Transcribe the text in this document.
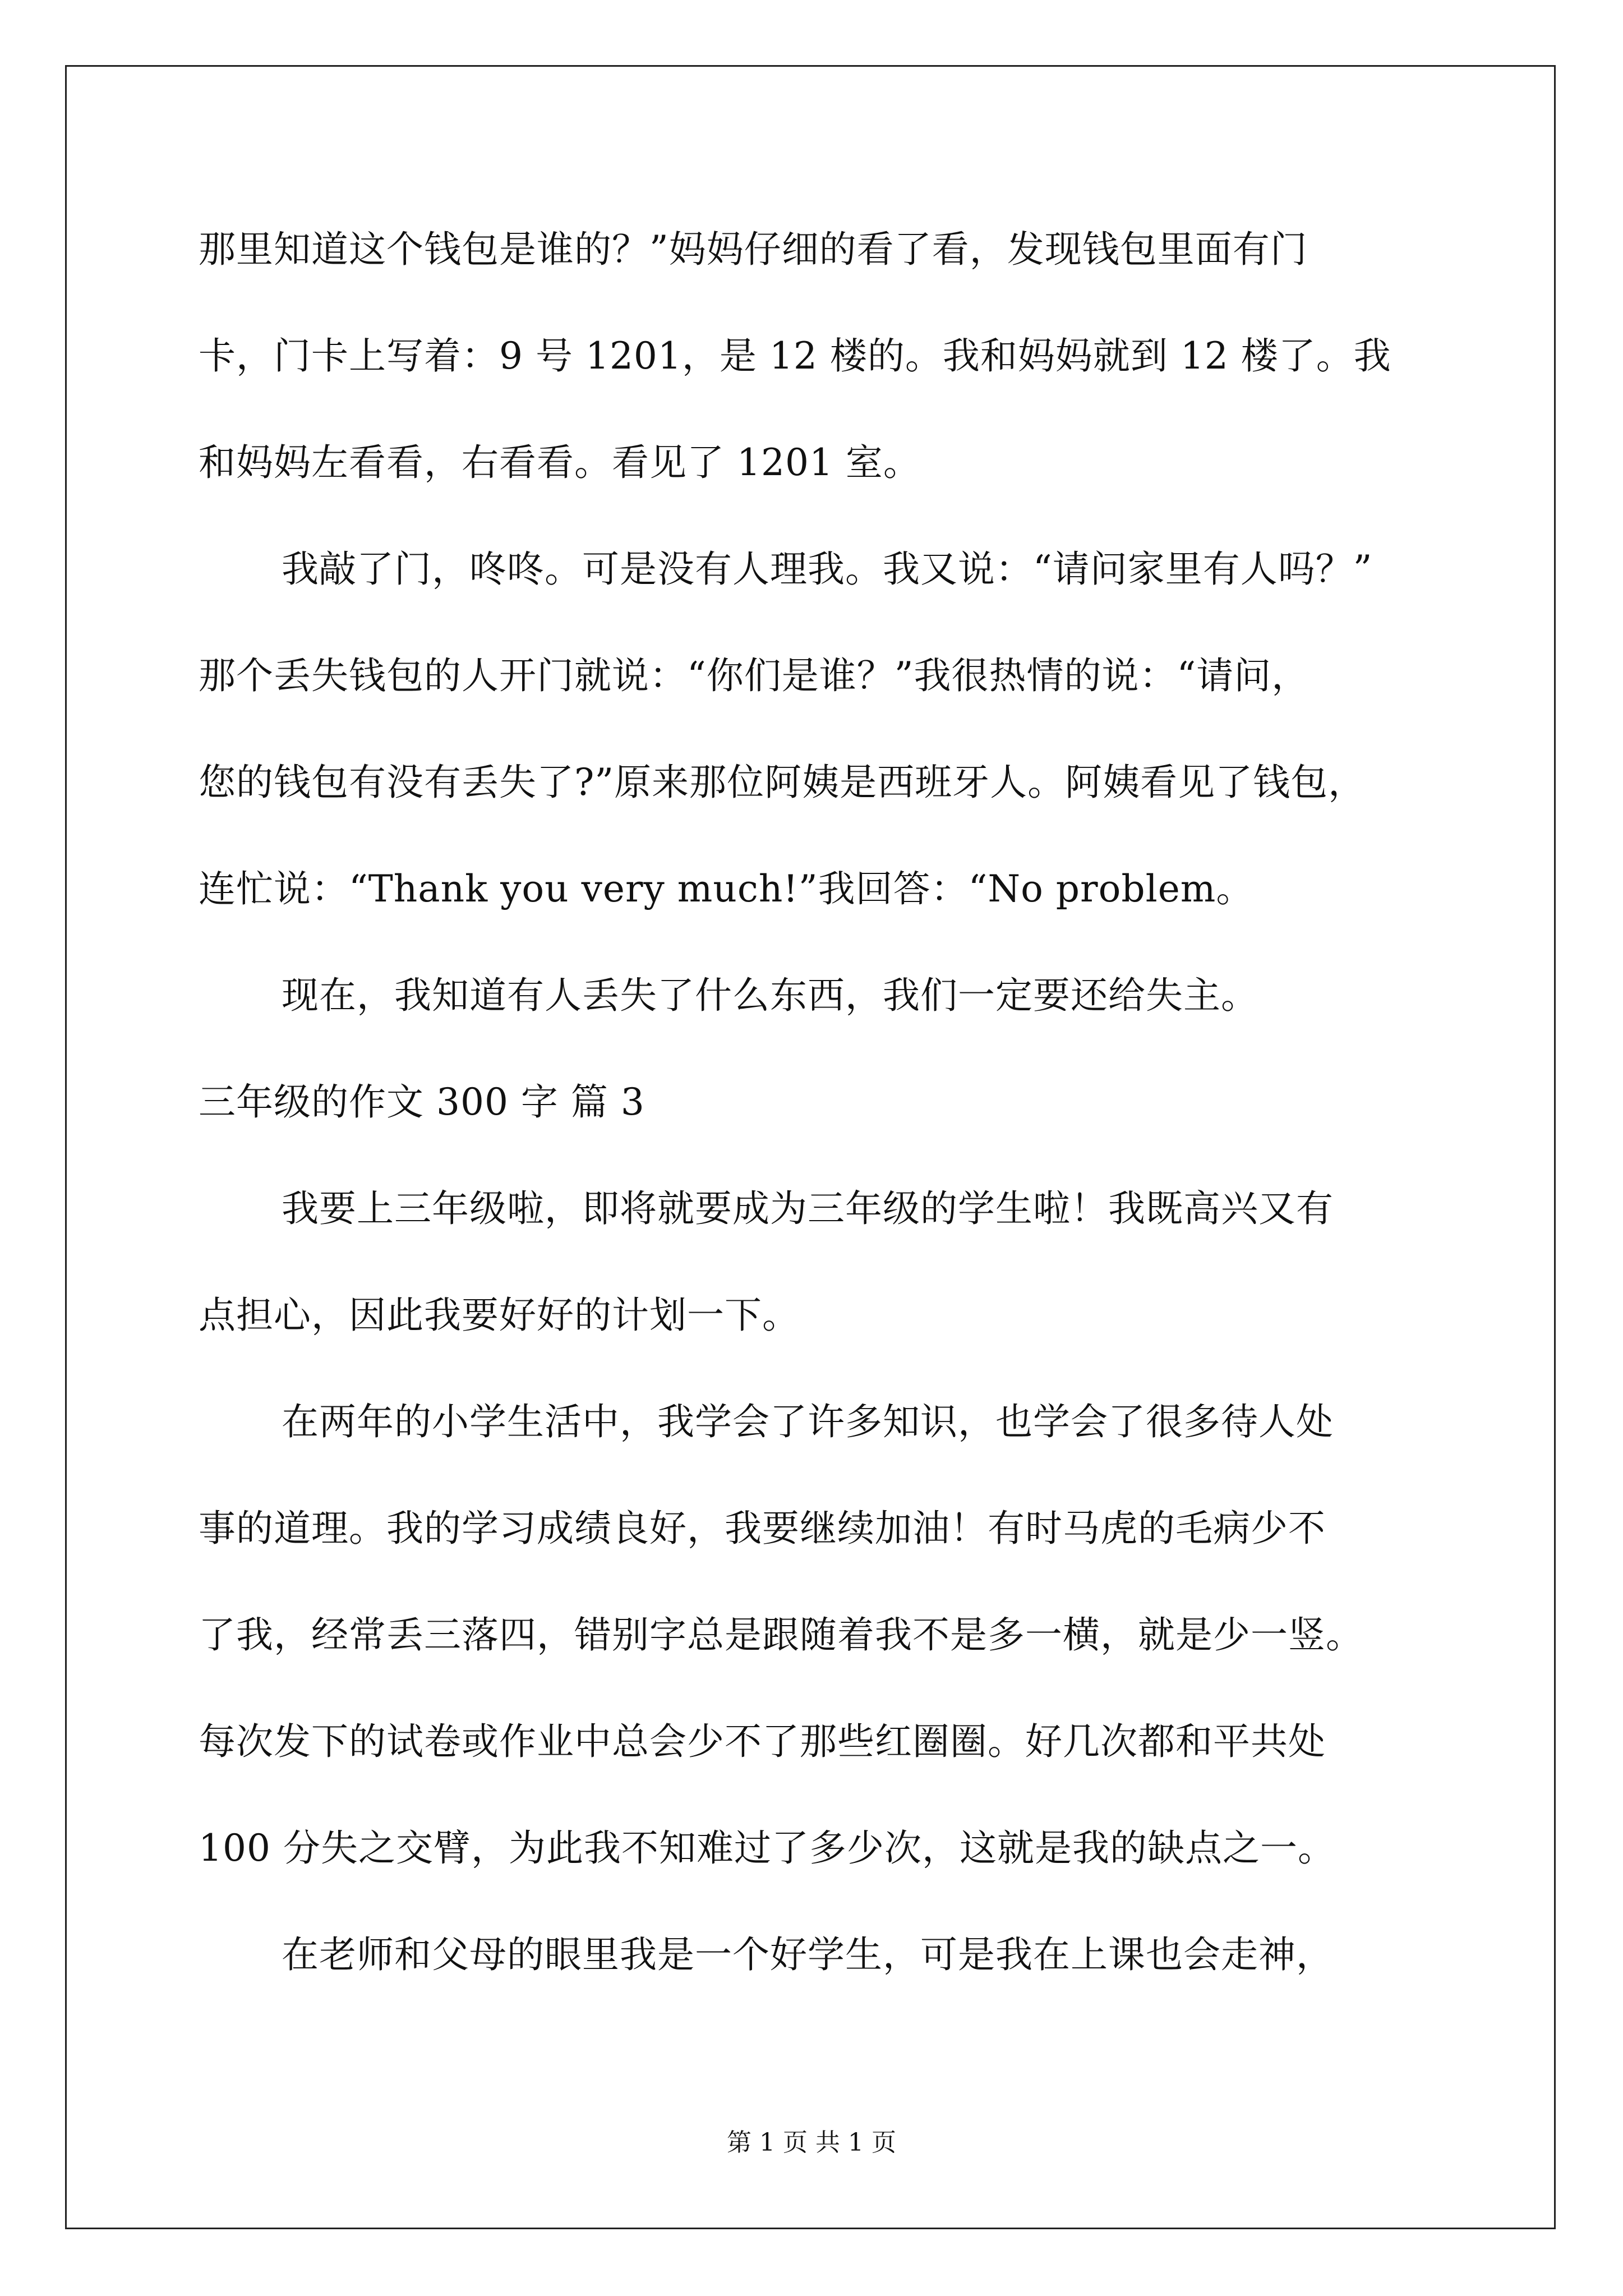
那里知道这个钱包是谁的？”妈妈仔细的看了看，发现钱包里面有门
卡，门卡上写着：9 号 1201，是 12 楼的。我和妈妈就到 12 楼了。我
和妈妈左看看，右看看。看见了 1201 室。
我敲了门，咚咚。可是没有人理我。我又说：“请问家里有人吗？”
那个丢失钱包的人开门就说：“你们是谁？”我很热情的说：“请问，
您的钱包有没有丢失了?”原来那位阿姨是西班牙人。阿姨看见了钱包，
连忙说：“Thank you very much!”我回答：“No problem。
现在，我知道有人丢失了什么东西，我们一定要还给失主。
三年级的作文 300 字 篇 3
我要上三年级啦，即将就要成为三年级的学生啦！我既高兴又有
点担心，因此我要好好的计划一下。
在两年的小学生活中，我学会了许多知识，也学会了很多待人处
事的道理。我的学习成绩良好，我要继续加油！有时马虎的毛病少不
了我，经常丢三落四，错别字总是跟随着我不是多一横，就是少一竖。
每次发下的试卷或作业中总会少不了那些红圈圈。好几次都和平共处
100 分失之交臂，为此我不知难过了多少次，这就是我的缺点之一。
在老师和父母的眼里我是一个好学生，可是我在上课也会走神，
第 1 页 共 1 页
